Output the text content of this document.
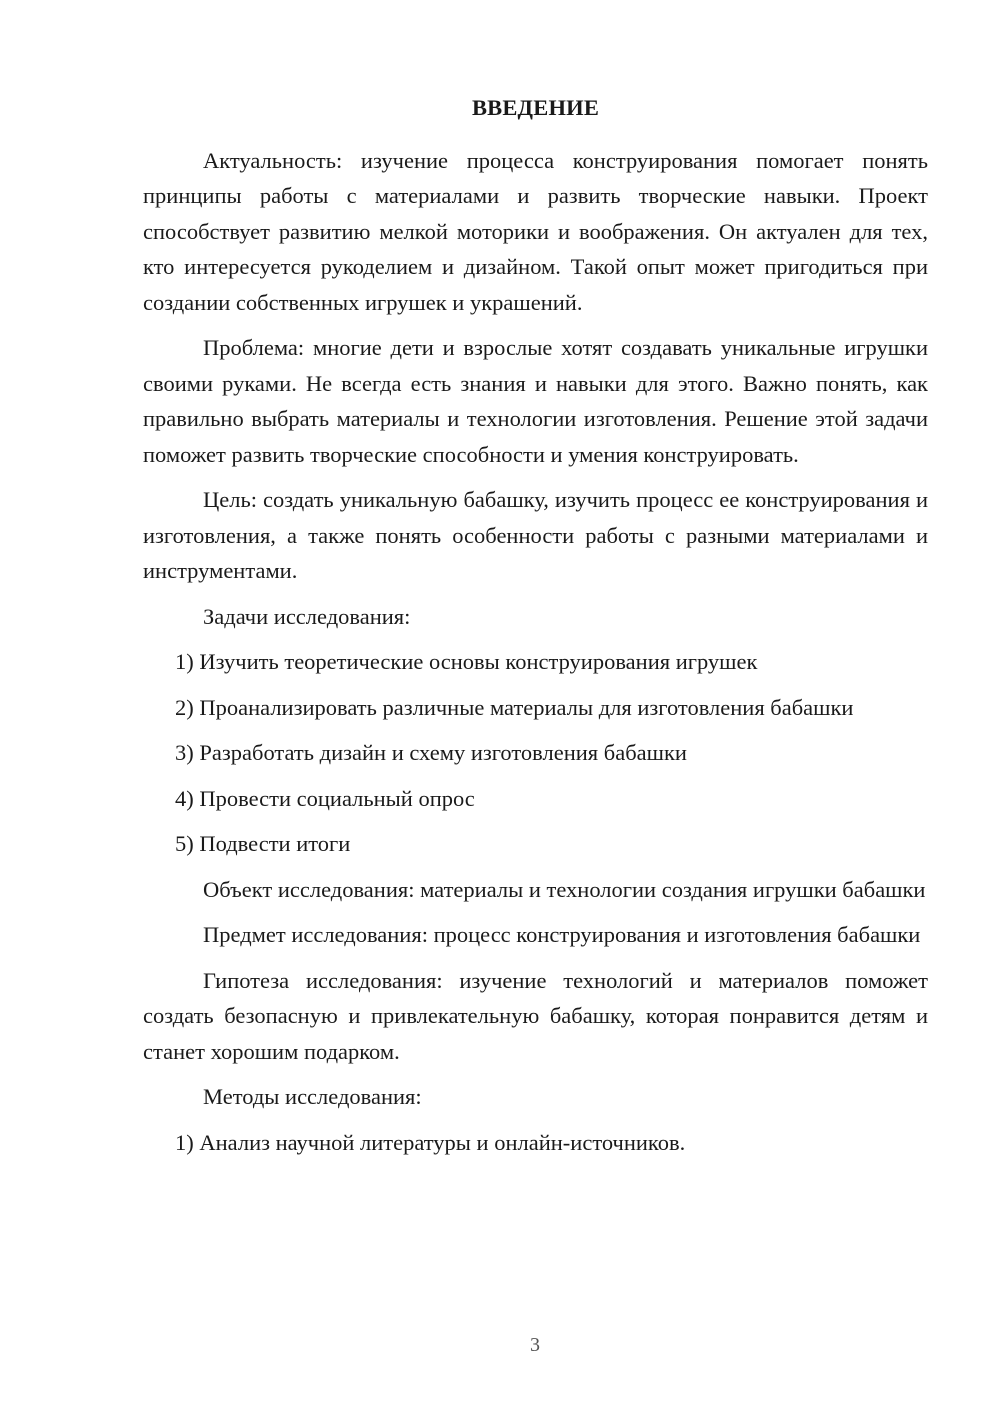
ВВЕДЕНИЕ

Актуальность: изучение процесса конструирования помогает понять принципы работы с материалами и развить творческие навыки. Проект способствует развитию мелкой моторики и воображения. Он актуален для тех, кто интересуется рукоделием и дизайном. Такой опыт может пригодиться при создании собственных игрушек и украшений.

Проблема: многие дети и взрослые хотят создавать уникальные игрушки своими руками. Не всегда есть знания и навыки для этого. Важно понять, как правильно выбрать материалы и технологии изготовления. Решение этой задачи поможет развить творческие способности и умения конструировать.

Цель: создать уникальную бабашку, изучить процесс ее конструирования и изготовления, а также понять особенности работы с разными материалами и инструментами.

Задачи исследования:

1) Изучить теоретические основы конструирования игрушек

2) Проанализировать различные материалы для изготовления бабашки

3) Разработать дизайн и схему изготовления бабашки

4) Провести социальный опрос

5) Подвести итоги

Объект исследования: материалы и технологии создания игрушки бабашки

Предмет исследования: процесс конструирования и изготовления бабашки

Гипотеза исследования: изучение технологий и материалов поможет создать безопасную и привлекательную бабашку, которая понравится детям и станет хорошим подарком.

Методы исследования:

1) Анализ научной литературы и онлайн-источников.

3
